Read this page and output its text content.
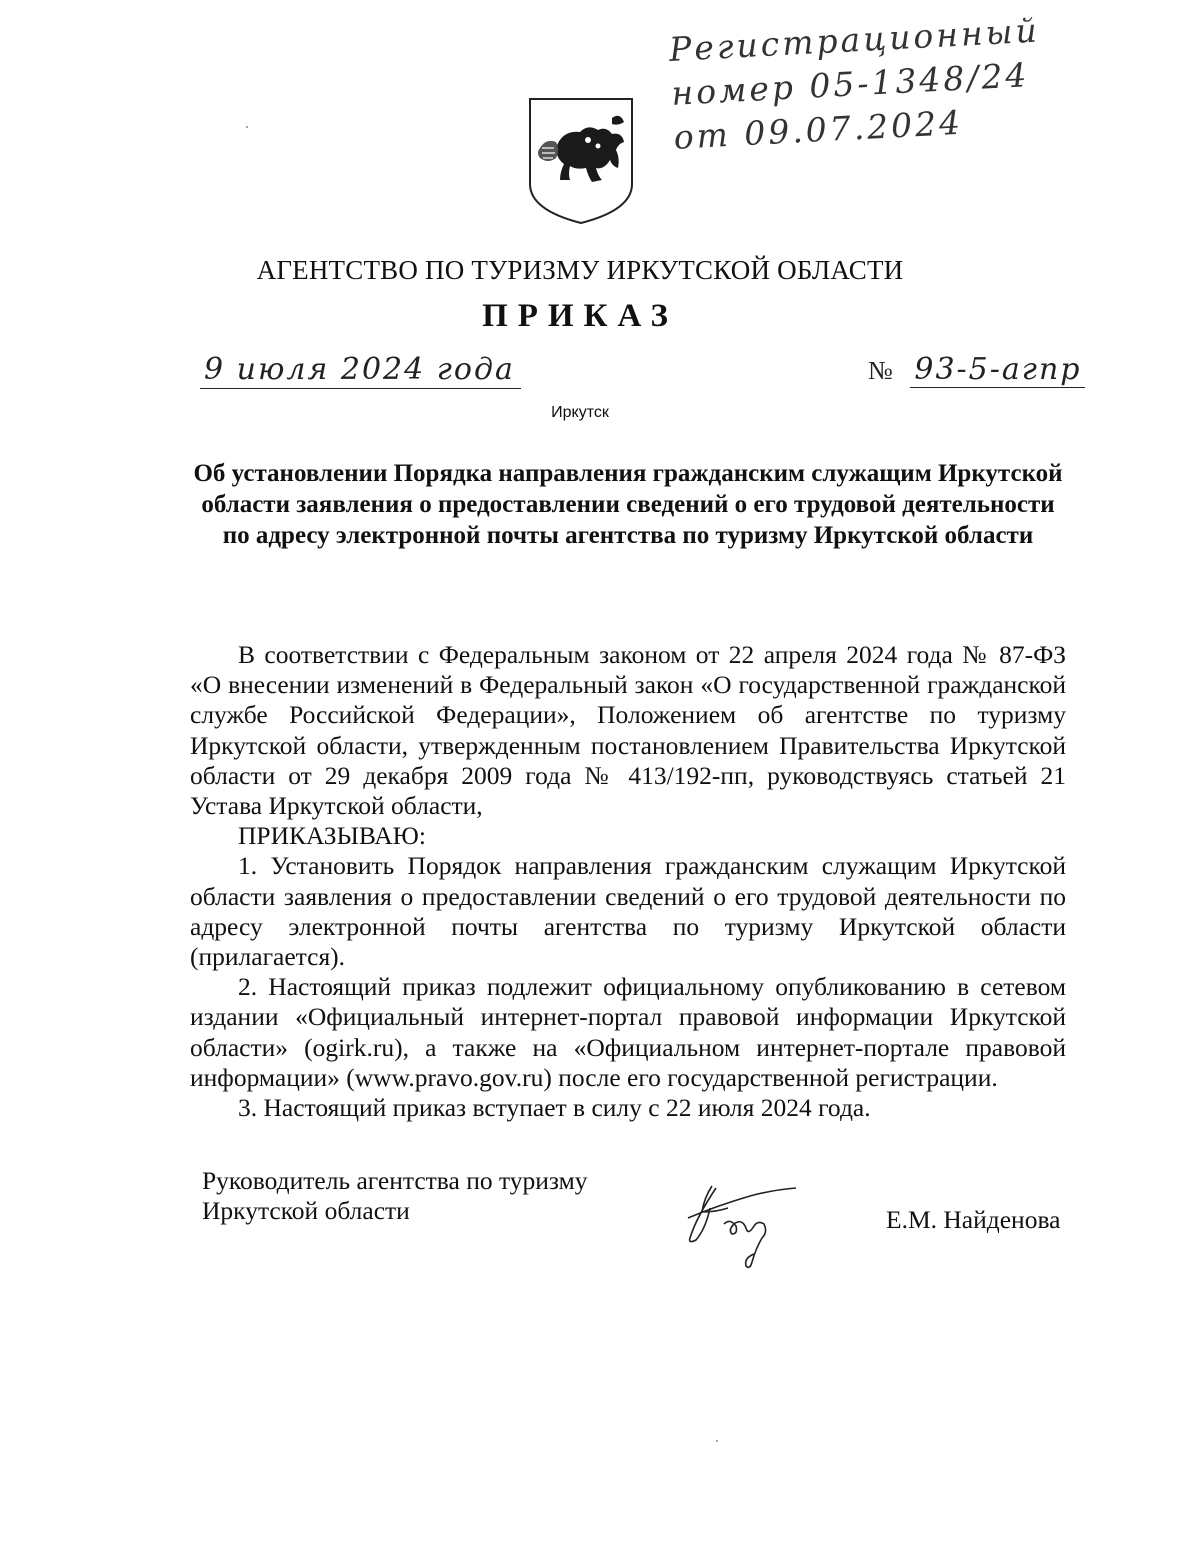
Регистрационный
номер 05-1348/24
от 09.07.2024
АГЕНТСТВО ПО ТУРИЗМУ ИРКУТСКОЙ ОБЛАСТИ
ПРИКАЗ
9 июля 2024 года	№ 93-5-агпр
Иркутск
Об установлении Порядка направления гражданским служащим Иркутской области заявления о предоставлении сведений о его трудовой деятельности по адресу электронной почты агентства по туризму Иркутской области

В соответствии с Федеральным законом от 22 апреля 2024 года № 87-ФЗ «О внесении изменений в Федеральный закон «О государственной гражданской службе Российской Федерации», Положением об агентстве по туризму Иркутской области, утвержденным постановлением Правительства Иркутской области от 29 декабря 2009 года № 413/192-пп, руководствуясь статьей 21 Устава Иркутской области,

ПРИКАЗЫВАЮ:

1. Установить Порядок направления гражданским служащим Иркутской области заявления о предоставлении сведений о его трудовой деятельности по адресу электронной почты агентства по туризму Иркутской области (прилагается).

2. Настоящий приказ подлежит официальному опубликованию в сетевом издании «Официальный интернет-портал правовой информации Иркутской области» (ogirk.ru), а также на «Официальном интернет-портале правовой информации» (www.pravo.gov.ru) после его государственной регистрации.

3. Настоящий приказ вступает в силу с 22 июля 2024 года.

Руководитель агентства по туризму
Иркутской области	Е.М. Найденова
